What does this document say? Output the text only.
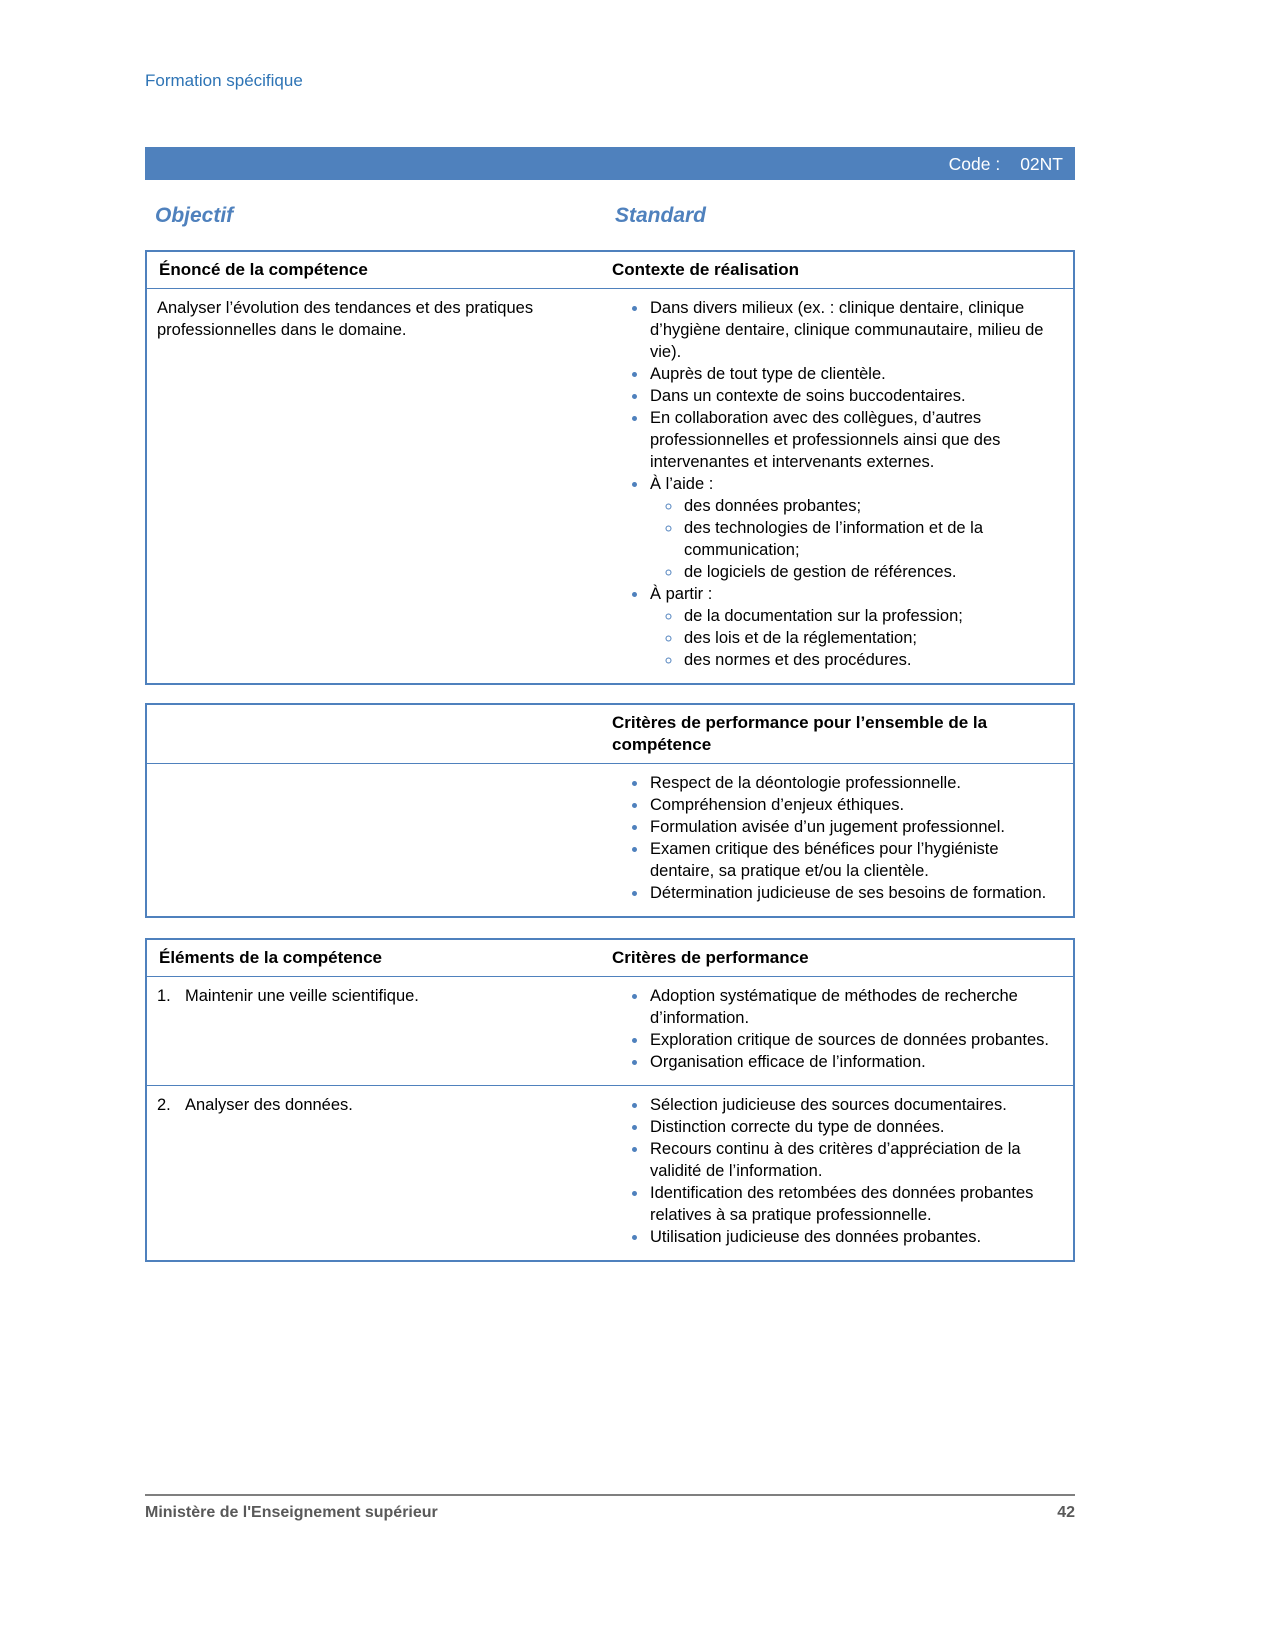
Formation spécifique
Code : 02NT
Objectif	Standard
Énoncé de la compétence	Contexte de réalisation
Analyser l’évolution des tendances et des pratiques professionnelles dans le domaine.
• Dans divers milieux (ex. : clinique dentaire, clinique d’hygiène dentaire, clinique communautaire, milieu de vie).
• Auprès de tout type de clientèle.
• Dans un contexte de soins buccodentaires.
• En collaboration avec des collègues, d’autres professionnelles et professionnels ainsi que des intervenantes et intervenants externes.
• À l’aide :
◦ des données probantes;
◦ des technologies de l’information et de la communication;
◦ de logiciels de gestion de références.
• À partir :
◦ de la documentation sur la profession;
◦ des lois et de la réglementation;
◦ des normes et des procédures.
Critères de performance pour l’ensemble de la compétence
• Respect de la déontologie professionnelle.
• Compréhension d’enjeux éthiques.
• Formulation avisée d’un jugement professionnel.
• Examen critique des bénéfices pour l’hygiéniste dentaire, sa pratique et/ou la clientèle.
• Détermination judicieuse de ses besoins de formation.
Éléments de la compétence	Critères de performance
1. Maintenir une veille scientifique.	• Adoption systématique de méthodes de recherche d’information.
• Exploration critique de sources de données probantes.
• Organisation efficace de l’information.
2. Analyser des données.	• Sélection judicieuse des sources documentaires.
• Distinction correcte du type de données.
• Recours continu à des critères d’appréciation de la validité de l’information.
• Identification des retombées des données probantes relatives à sa pratique professionnelle.
• Utilisation judicieuse des données probantes.
Ministère de l'Enseignement supérieur	42
